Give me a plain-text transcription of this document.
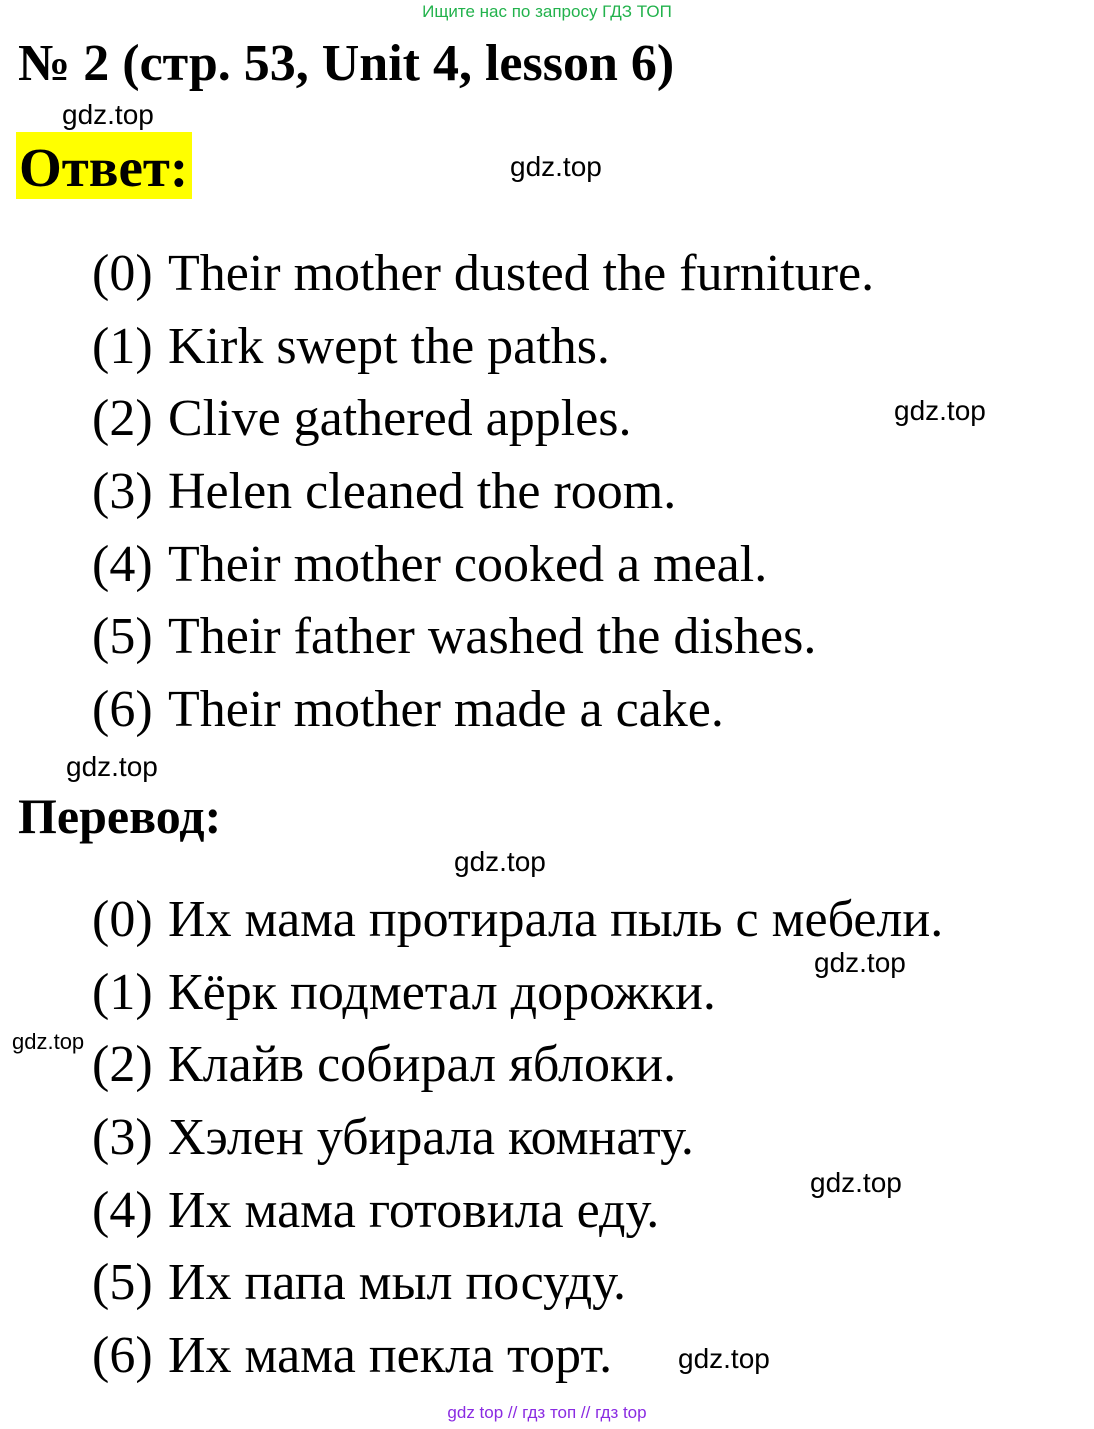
Ищите нас по запросу ГДЗ ТОП
№ 2 (стр. 53, Unit 4, lesson 6)
gdz.top
Ответ:	gdz.top
(0) Their mother dusted the furniture.
(1) Kirk swept the paths.
(2) Clive gathered apples.
(3) Helen cleaned the room.
(4) Their mother cooked a meal.
(5) Their father washed the dishes.
(6) Their mother made a cake.
gdz.top
gdz.top
Перевод:
gdz.top
(0) Их мама протирала пыль с мебели.
(1) Кёрк подметал дорожки.
(2) Клайв собирал яблоки.
(3) Хэлен убирала комнату.
(4) Их мама готовила еду.
(5) Их папа мыл посуду.
(6) Их мама пекла торт.
gdz.top
gdz.top
gdz.top
gdz.top
gdz top // гдз топ // гдз top
